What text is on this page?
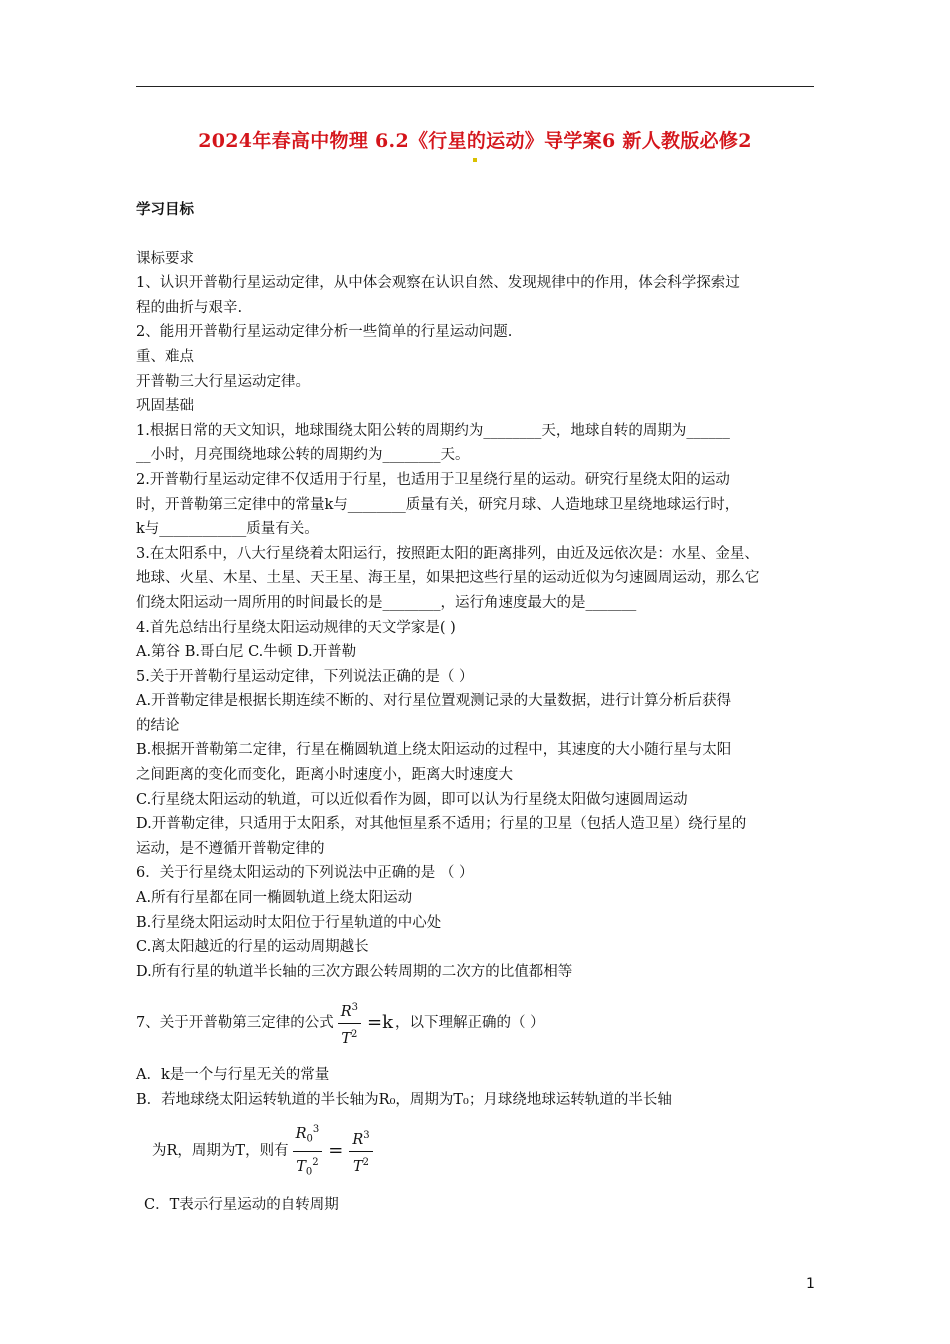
2024年春高中物理 6.2《行星的运动》导学案6 新人教版必修2
学习目标
课标要求
1、认识开普勒行星运动定律，从中体会观察在认识自然、发现规律中的作用，体会科学探索过
程的曲折与艰辛.
2、能用开普勒行星运动定律分析一些简单的行星运动问题.
重、难点
开普勒三大行星运动定律。
巩固基础
1.根据日常的天文知识，地球围绕太阳公转的周期约为________天，地球自转的周期为______
__小时，月亮围绕地球公转的周期约为________天。
2.开普勒行星运动定律不仅适用于行星，也适用于卫星绕行星的运动。研究行星绕太阳的运动
时，开普勒第三定律中的常量k与________质量有关，研究月球、人造地球卫星绕地球运行时，
k与____________质量有关。
3.在太阳系中，八大行星绕着太阳运行，按照距太阳的距离排列，由近及远依次是：水星、金星、
地球、火星、木星、土星、天王星、海王星，如果把这些行星的运动近似为匀速圆周运动，那么它
们绕太阳运动一周所用的时间最长的是________，运行角速度最大的是_______
4.首先总结出行星绕太阳运动规律的天文学家是( )
A.第谷 B.哥白尼 C.牛顿 D.开普勒
5.关于开普勒行星运动定律，下列说法正确的是（ ）
A.开普勒定律是根据长期连续不断的、对行星位置观测记录的大量数据，进行计算分析后获得
的结论
B.根据开普勒第二定律，行星在椭圆轨道上绕太阳运动的过程中，其速度的大小随行星与太阳
之间距离的变化而变化，距离小时速度小，距离大时速度大
C.行星绕太阳运动的轨道，可以近似看作为圆，即可以认为行星绕太阳做匀速圆周运动
D.开普勒定律，只适用于太阳系，对其他恒星系不适用；行星的卫星（包括人造卫星）绕行星的
运动，是不遵循开普勒定律的
6．关于行星绕太阳运动的下列说法中正确的是 （ ）
A.所有行星都在同一椭圆轨道上绕太阳运动
B.行星绕太阳运动时太阳位于行星轨道的中心处
C.离太阳越近的行星的运动周期越长
D.所有行星的轨道半长轴的三次方跟公转周期的二次方的比值都相等
7、关于开普勒第三定律的公式 $\frac{R^3}{T^2} =k$ ，以下理解正确的（ ）
A．k是一个与行星无关的常量
B．若地球绕太阳运转轨道的半长轴为R₀，周期为T₀；月球绕地球运转轨道的半长轴
为R，周期为T，则有 $\frac{R_0^3}{T_0^2} = \frac{R^3}{T^2}$
C．T表示行星运动的自转周期
1
